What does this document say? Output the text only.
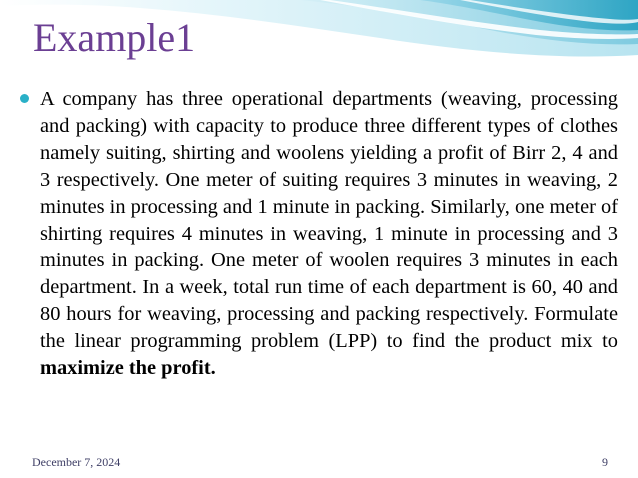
Example1

A company has three operational departments (weaving, processing and packing) with capacity to produce three different types of clothes namely suiting, shirting and woolens yielding a profit of Birr 2, 4 and 3 respectively. One meter of suiting requires 3 minutes in weaving, 2 minutes in processing and 1 minute in packing. Similarly, one meter of shirting requires 4 minutes in weaving, 1 minute in processing and 3 minutes in packing. One meter of woolen requires 3 minutes in each department. In a week, total run time of each department is 60, 40 and 80 hours for weaving, processing and packing respectively. Formulate the linear programming problem (LPP) to find the product mix to maximize the profit.

December 7, 2024	9
